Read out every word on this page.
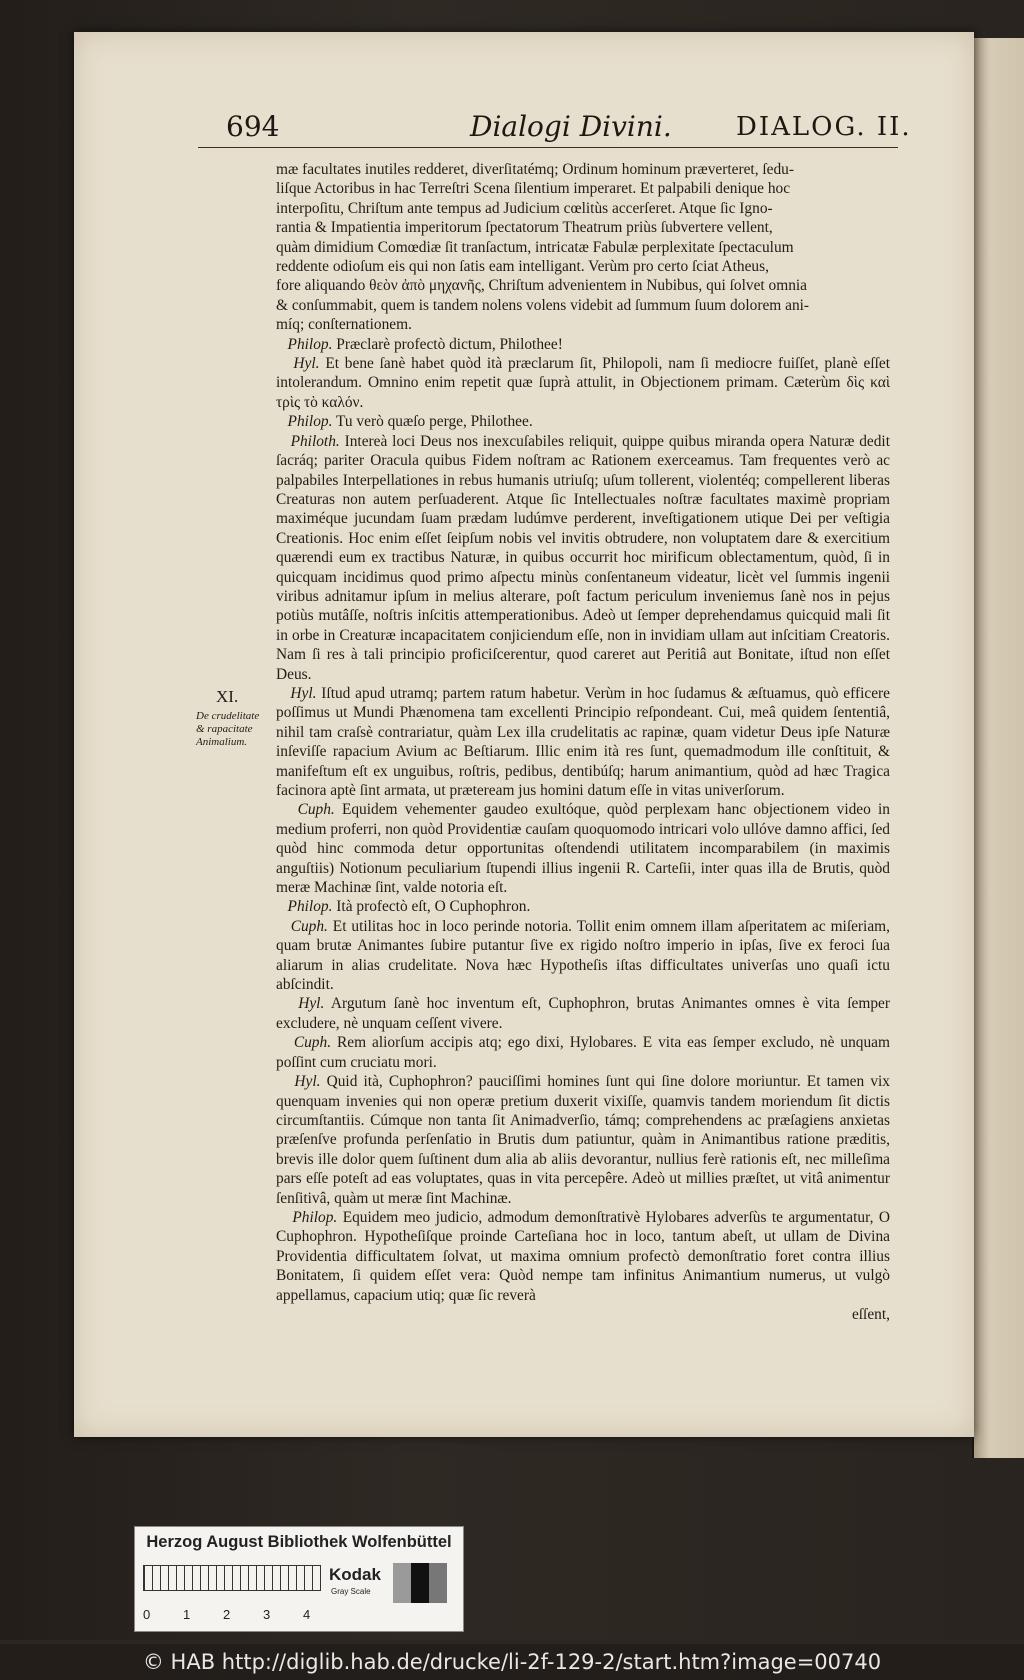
694	Dialogi Divini. DIALOG. II.
XI.
De crudelitate & rapacitate Animalium.

mæ facultates inutiles redderet, diverſitatémq; Ordinum hominum præverteret, ſedu-

liſque Actoribus in hac Terreſtri Scena ſilentium imperaret. Et palpabili denique hoc

interpoſitu, Chriſtum ante tempus ad Judicium cœlitùs accerſeret. Atque ſic Igno-

rantia & Impatientia imperitorum ſpectatorum Theatrum priùs ſubvertere vellent,

quàm dimidium Comœdiæ ſit tranſactum, intricatæ Fabulæ perplexitate ſpectaculum

reddente odioſum eis qui non ſatis eam intelligant. Verùm pro certo ſciat Atheus,

fore aliquando θεὸν ἀπὸ μηχανῆς, Chriſtum advenientem in Nubibus, qui ſolvet omnia

& conſummabit, quem is tandem nolens volens videbit ad ſummum ſuum dolorem ani-

míq; conſternationem.

Philop. Præclarè profectò dictum, Philothee!

Hyl. Et bene ſanè habet quòd ità præclarum ſit, Philopoli, nam ſi mediocre fuiſſet, planè eſſet intolerandum. Omnino enim repetit quæ ſuprà attulit, in Objectionem primam. Cæterùm δὶς καὶ τρὶς τὸ καλόν.

Philop. Tu verò quæſo perge, Philothee.

Philoth. Intereà loci Deus nos inexcuſabiles reliquit, quippe quibus miranda opera Naturæ dedit ſacráq; pariter Oracula quibus Fidem noſtram ac Rationem exerceamus. Tam frequentes verò ac palpabiles Interpellationes in rebus humanis utriuſq; uſum tollerent, violentéq; compellerent liberas Creaturas non autem perſuaderent. Atque ſic Intellectuales noſtræ facultates maximè propriam maximéque jucundam ſuam prædam ludúmve perderent, inveſtigationem utique Dei per veſtigia Creationis. Hoc enim eſſet ſeipſum nobis vel invitis obtrudere, non voluptatem dare & exercitium quærendi eum ex tractibus Naturæ, in quibus occurrit hoc mirificum oblectamentum, quòd, ſi in quicquam incidimus quod primo aſpectu minùs conſentaneum videatur, licèt vel ſummis ingenii viribus adnitamur ipſum in melius alterare, poſt factum periculum inveniemus ſanè nos in pejus potiùs mutâſſe, noſtris inſcitis attemperationibus. Adeò ut ſemper deprehendamus quicquid mali ſit in orbe in Creaturæ incapacitatem conjiciendum eſſe, non in invidiam ullam aut inſcitiam Creatoris. Nam ſi res à tali principio proficiſcerentur, quod careret aut Peritiâ aut Bonitate, iſtud non eſſet Deus.

Hyl. Iſtud apud utramq; partem ratum habetur. Verùm in hoc ſudamus & æſtuamus, quò efficere poſſimus ut Mundi Phænomena tam excellenti Principio reſpondeant. Cui, meâ quidem ſententiâ, nihil tam craſsè contrariatur, quàm Lex illa crudelitatis ac rapinæ, quam videtur Deus ipſe Naturæ inſeviſſe rapacium Avium ac Beſtiarum. Illic enim ità res ſunt, quemadmodum ille conſtituit, & manifeſtum eſt ex unguibus, roſtris, pedibus, dentibúſq; harum animantium, quòd ad hæc Tragica facinora aptè ſint armata, ut præteream jus homini datum eſſe in vitas univerſorum.

Cuph. Equidem vehementer gaudeo exultóque, quòd perplexam hanc objectionem video in medium proferri, non quòd Providentiæ cauſam quoquomodo intricari volo ullóve damno affici, ſed quòd hinc commoda detur opportunitas oſtendendi utilitatem incomparabilem (in maximis anguſtiis) Notionum peculiarium ſtupendi illius ingenii R. Carteſii, inter quas illa de Brutis, quòd meræ Machinæ ſint, valde notoria eſt.

Philop. Ità profectò eſt, O Cuphophron.

Cuph. Et utilitas hoc in loco perinde notoria. Tollit enim omnem illam aſperitatem ac miſeriam, quam brutæ Animantes ſubire putantur ſive ex rigido noſtro imperio in ipſas, ſive ex feroci ſua aliarum in alias crudelitate. Nova hæc Hypotheſis iſtas difficultates univerſas uno quaſi ictu abſcindit.

Hyl. Argutum ſanè hoc inventum eſt, Cuphophron, brutas Animantes omnes è vita ſemper excludere, nè unquam ceſſent vivere.

Cuph. Rem aliorſum accipis atq; ego dixi, Hylobares. E vita eas ſemper excludo, nè unquam poſſint cum cruciatu mori.

Hyl. Quid ità, Cuphophron? pauciſſimi homines ſunt qui ſine dolore moriuntur. Et tamen vix quenquam invenies qui non operæ pretium duxerit vixiſſe, quamvis tandem moriendum ſit dictis circumſtantiis. Cúmque non tanta ſit Animadverſio, támq; comprehendens ac præſagiens anxietas præſenſve profunda perſenſatio in Brutis dum patiuntur, quàm in Animantibus ratione præditis, brevis ille dolor quem ſuſtinent dum alia ab aliis devorantur, nullius ferè rationis eſt, nec milleſima pars eſſe poteſt ad eas voluptates, quas in vita percepêre. Adeò ut millies præſtet, ut vitâ animentur ſenſitivâ, quàm ut meræ ſint Machinæ.

Philop. Equidem meo judicio, admodum demonſtrativè Hylobares adverſùs te argumentatur, O Cuphophron. Hypotheſiſque proinde Carteſiana hoc in loco, tantum abeſt, ut ullam de Divina Providentia difficultatem ſolvat, ut maxima omnium profectò demonſtratio foret contra illius Bonitatem, ſi quidem eſſet vera: Quòd nempe tam infinitus Animantium numerus, ut vulgò appellamus, capacium utiq; quæ ſic reverà

eſſent,

Herzog August Bibliothek Wolfenbüttel
0	1	2	3	4
Kodak
Gray Scale
© HAB http://diglib.hab.de/drucke/li-2f-129-2/start.htm?image=00740
